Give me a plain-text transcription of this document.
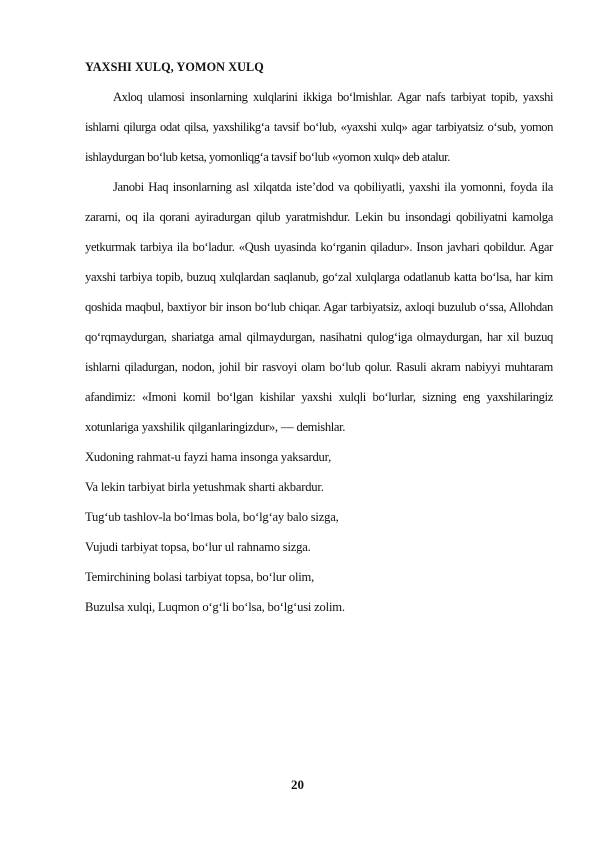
YAXSHI XULQ, YOMON XULQ

Axloq ulamosi insonlarning xulqlarini ikkiga bo‘lmishlar. Agar nafs tarbiyat topib, yaxshi ishlarni qilurga odat qilsa, yaxshilikg‘a tavsif bo‘lub, «yaxshi xulq» agar tarbiyatsiz o‘sub, yomon ishlaydurgan bo‘lub ketsa, yomonliqg‘a tavsif bo‘lub «yomon xulq» deb atalur.

Janobi Haq insonlarning asl xilqatda iste’dod va qobiliyatli, yaxshi ila yomonni, foyda ila zararni, oq ila qorani ayiradurgan qilub yaratmishdur. Lekin bu insondagi qobiliyatni kamolga yetkurmak tarbiya ila bo‘ladur. «Qush uyasinda ko‘rganin qiladur». Inson javhari qobildur. Agar yaxshi tarbiya topib, buzuq xulqlardan saqlanub, go‘zal xulqlarga odatlanub katta bo‘lsa, har kim qoshida maqbul, baxtiyor bir inson bo‘lub chiqar. Agar tarbiyatsiz, axloqi buzulub o‘ssa, Allohdan qo‘rqmaydurgan, shariatga amal qilmaydurgan, nasihatni qulog‘iga olmaydurgan, har xil buzuq ishlarni qiladurgan, nodon, johil bir rasvoyi olam bo‘lub qolur. Rasuli akram nabiyyi muhtaram afandimiz: «Imoni komil bo‘lgan kishilar yaxshi xulqli bo‘lurlar, sizning eng yaxshilaringiz xotunlariga yaxshilik qilganlaringizdur», — demishlar.

Xudoning rahmat-u fayzi hama insonga yaksardur,
Va lekin tarbiyat birla yetushmak sharti akbardur.
Tug‘ub tashlov-la bo‘lmas bola, bo‘lg‘ay balo sizga,
Vujudi tarbiyat topsa, bo‘lur ul rahnamo sizga.
Temirchining bolasi tarbiyat topsa, bo‘lur olim,
Buzulsa xulqi, Luqmon o‘g‘li bo‘lsa, bo‘lg‘usi zolim.
20
